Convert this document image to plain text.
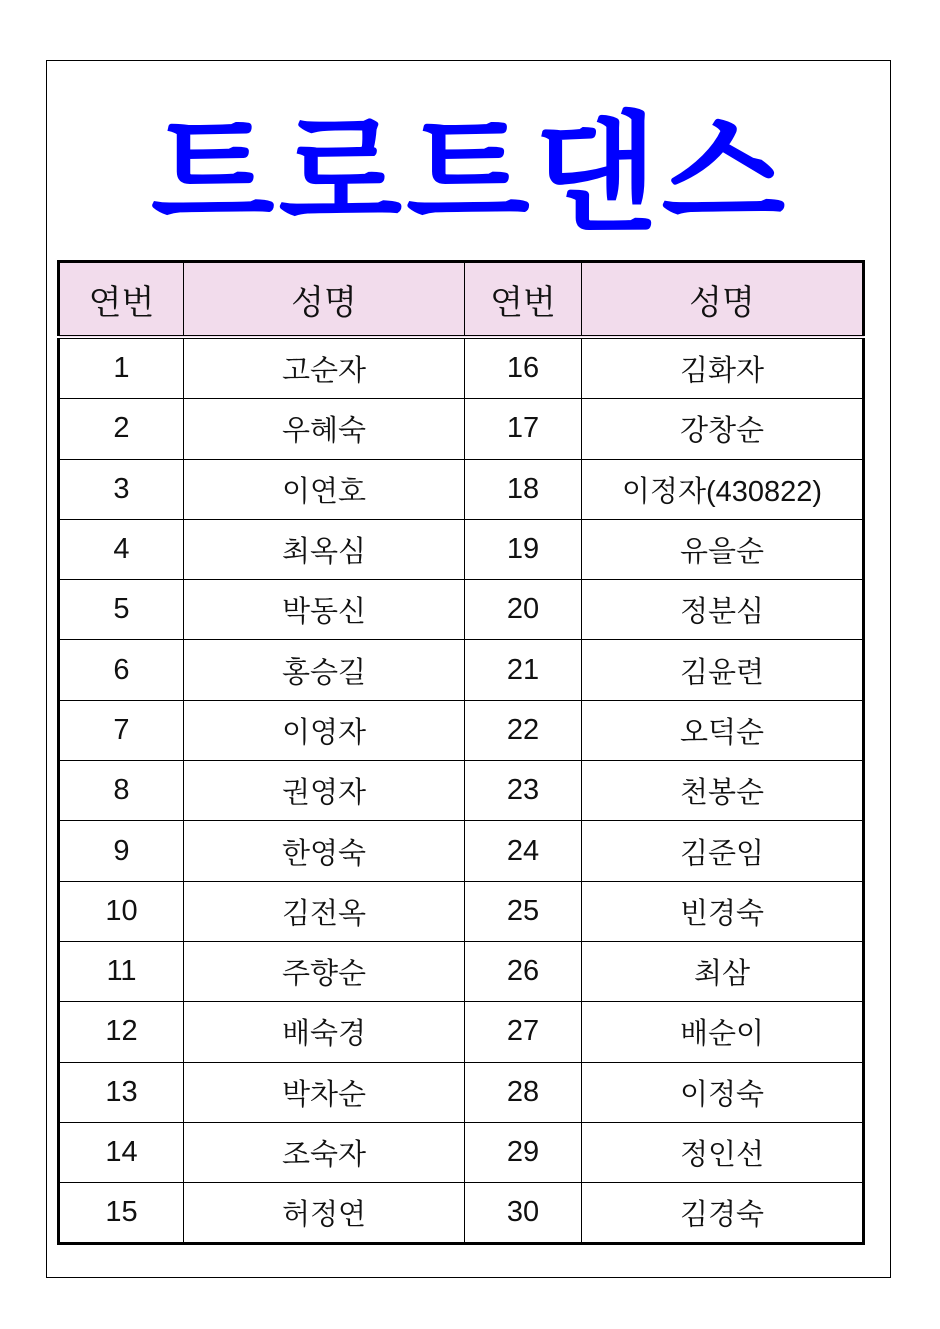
트로트댄스
연번	성명	연번	성명
1	고순자	16	김화자
2	우혜숙	17	강창순
3	이연호	18	이정자(430822)
4	최옥심	19	유을순
5	박동신	20	정분심
6	홍승길	21	김윤련
7	이영자	22	오덕순
8	권영자	23	천봉순
9	한영숙	24	김준임
10	김전옥	25	빈경숙
11	주향순	26	최삼
12	배숙경	27	배순이
13	박차순	28	이정숙
14	조숙자	29	정인선
15	허정연	30	김경숙
